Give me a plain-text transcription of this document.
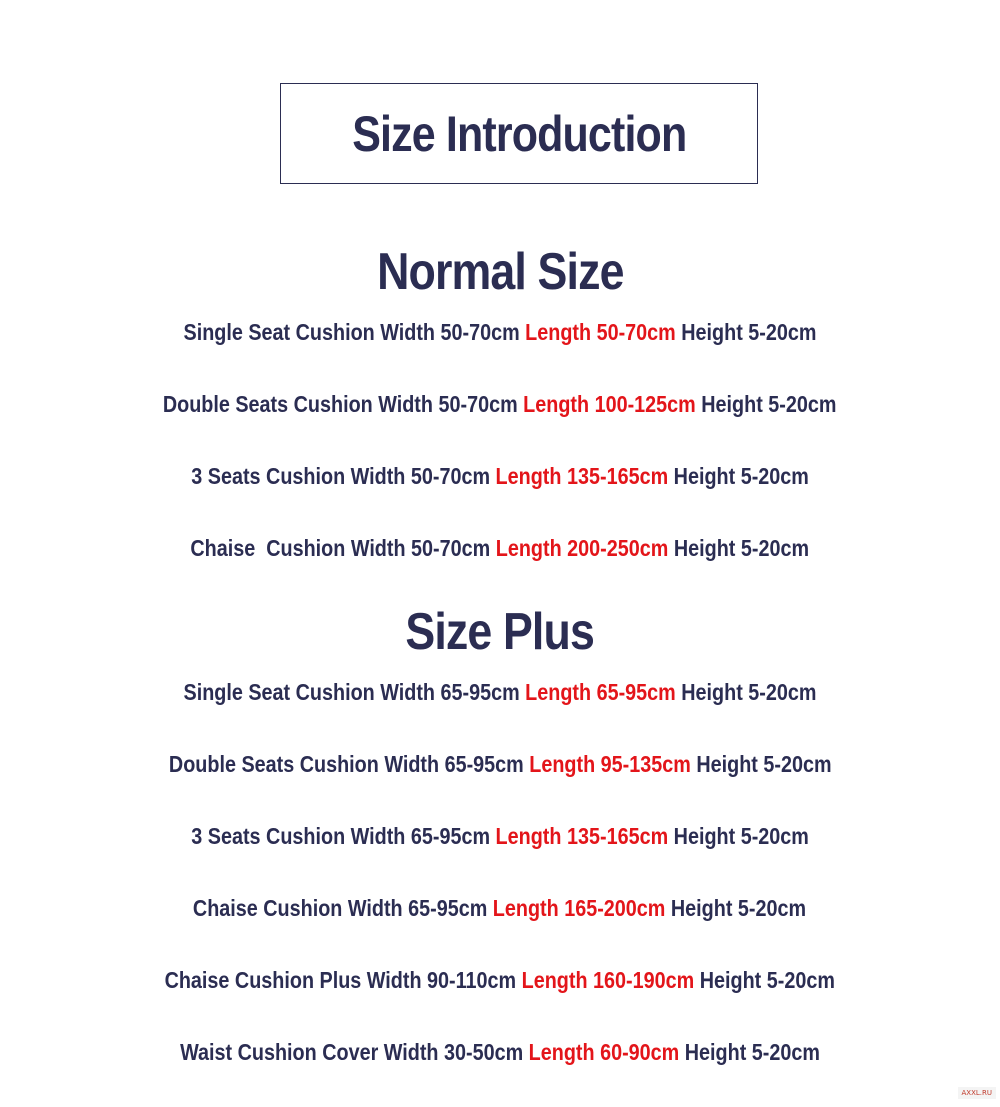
Size Introduction
Normal Size
Single Seat Cushion Width 50-70cm Length 50-70cm Height 5-20cm
Double Seats Cushion Width 50-70cm Length 100-125cm Height 5-20cm
3 Seats Cushion Width 50-70cm Length 135-165cm Height 5-20cm
Chaise  Cushion Width 50-70cm Length 200-250cm Height 5-20cm
Size Plus
Single Seat Cushion Width 65-95cm Length 65-95cm Height 5-20cm
Double Seats Cushion Width 65-95cm Length 95-135cm Height 5-20cm
3 Seats Cushion Width 65-95cm Length 135-165cm Height 5-20cm
Chaise Cushion Width 65-95cm Length 165-200cm Height 5-20cm
Chaise Cushion Plus Width 90-110cm Length 160-190cm Height 5-20cm
Waist Cushion Cover Width 30-50cm Length 60-90cm Height 5-20cm
AXXL.RU
